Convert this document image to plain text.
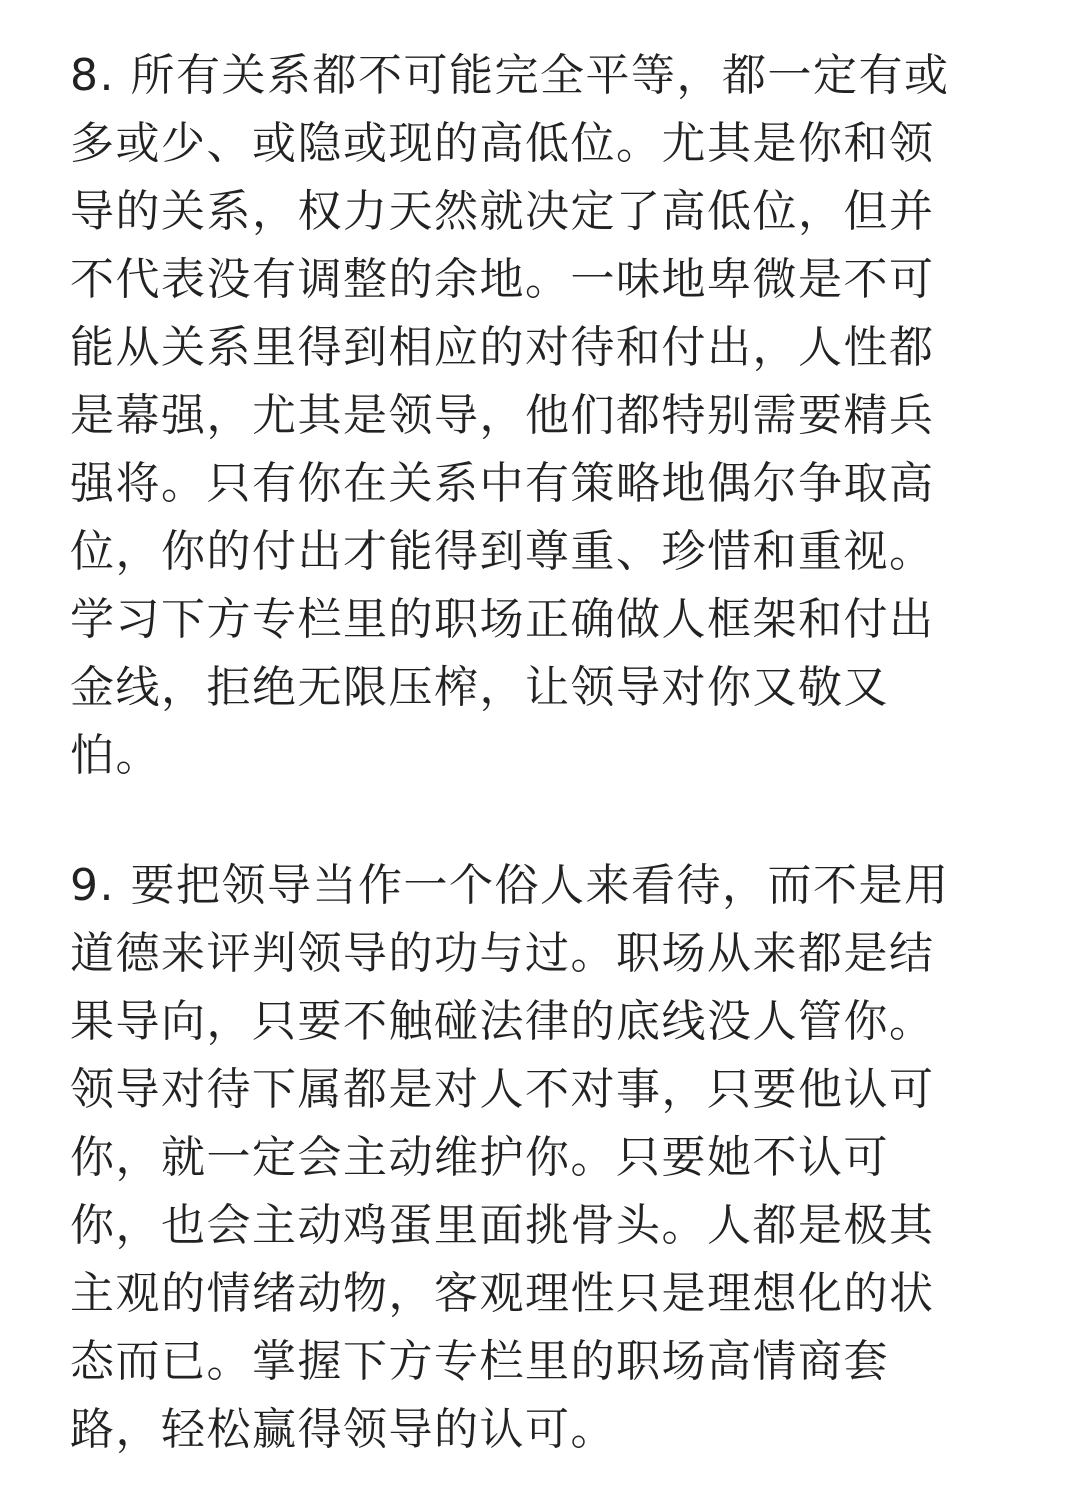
8. 所有关系都不可能完全平等，都一定有或
多或少、或隐或现的高低位。尤其是你和领
导的关系，权力天然就决定了高低位，但并
不代表没有调整的余地。一味地卑微是不可
能从关系里得到相应的对待和付出，人性都
是幕强，尤其是领导，他们都特别需要精兵
强将。只有你在关系中有策略地偶尔争取高
位，你的付出才能得到尊重、珍惜和重视。
学习下方专栏里的职场正确做人框架和付出
金线，拒绝无限压榨，让领导对你又敬又
怕。
9. 要把领导当作一个俗人来看待，而不是用
道德来评判领导的功与过。职场从来都是结
果导向，只要不触碰法律的底线没人管你。
领导对待下属都是对人不对事，只要他认可
你，就一定会主动维护你。只要她不认可
你，也会主动鸡蛋里面挑骨头。人都是极其
主观的情绪动物，客观理性只是理想化的状
态而已。掌握下方专栏里的职场高情商套
路，轻松赢得领导的认可。
